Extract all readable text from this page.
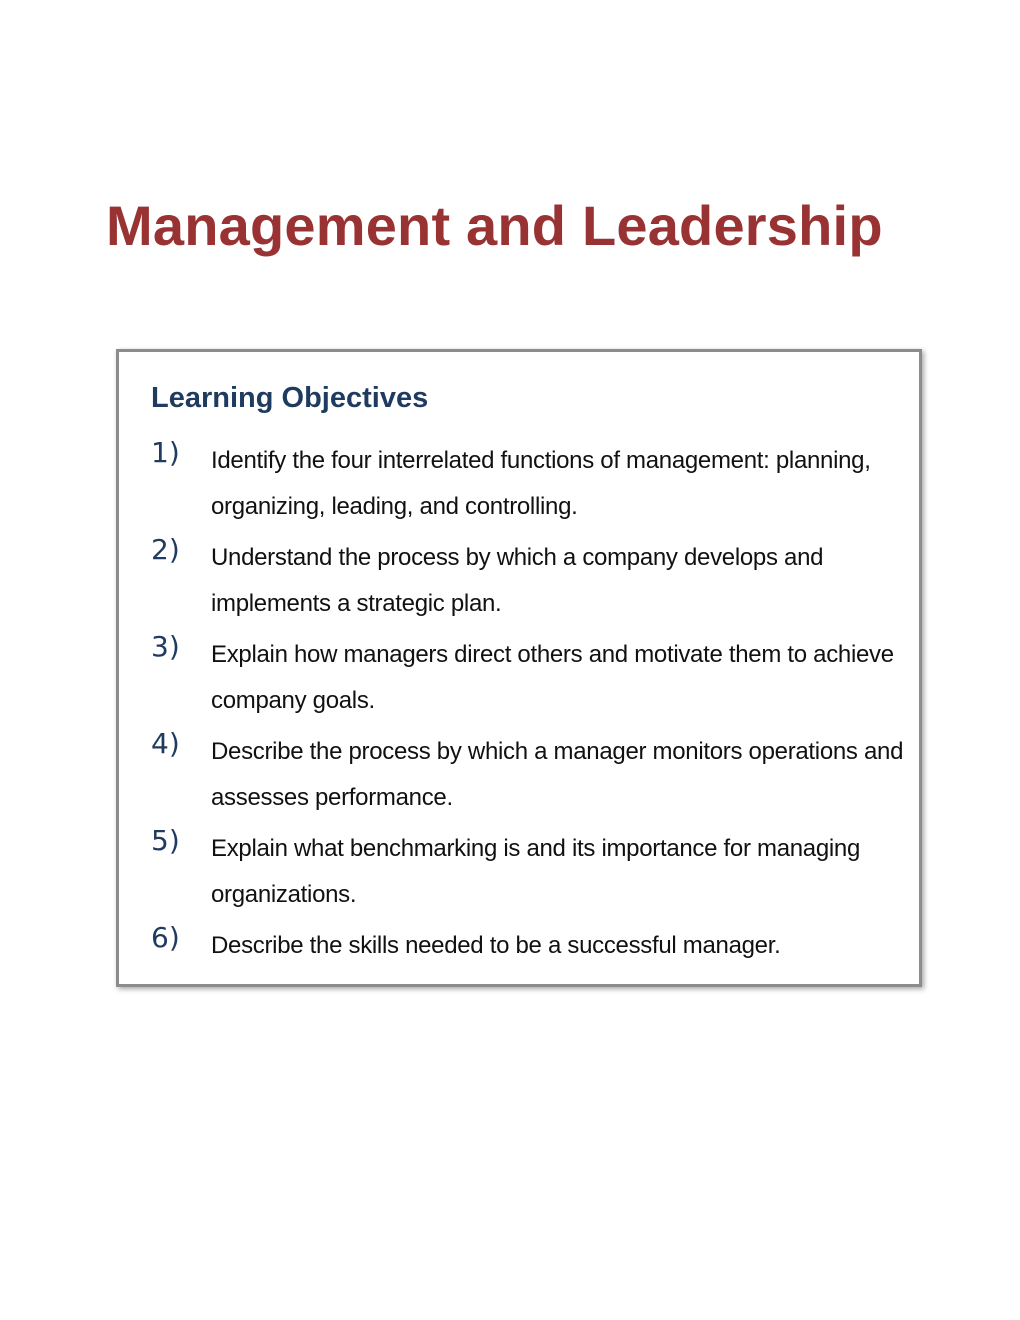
Management and Leadership
Learning Objectives
1)	Identify the four interrelated functions of management: planning, organizing, leading, and controlling.
2)	Understand the process by which a company develops and implements a strategic plan.
3)	Explain how managers direct others and motivate them to achieve company goals.
4)	Describe the process by which a manager monitors operations and assesses performance.
5)	Explain what benchmarking is and its importance for managing organizations.
6)	Describe the skills needed to be a successful manager.
